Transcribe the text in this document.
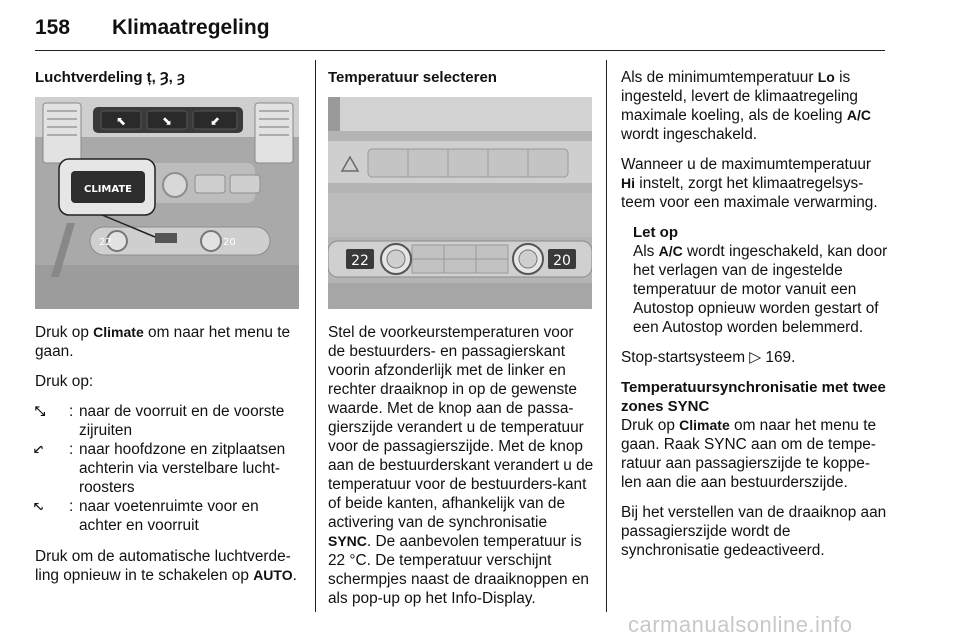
158 Klimaatregeling
Luchtverdeling ț, Ȝ, ȝ
⬉	⬊	⬋
22	20
CLIMATE

Druk op Climate om naar het menu te gaan.

Druk op:

⤢	:	naar de voorruit en de voorste zijruiten
⤣	:	naar hoofdzone en zitplaatsen achterin via verstelbare lucht-roosters
⤤	:	naar voetenruimte voor en achter en voorruit

Druk om de automatische luchtverde-ling opnieuw in te schakelen op AUTO.

Temperatuur selecteren
22	20

Stel de voorkeurstemperaturen voor de bestuurders- en passagierskant voorin afzonderlijk met de linker en rechter draaiknop in op de gewenste waarde. Met de knop aan de passa-gierszijde verandert u de temperatuur voor de passagierszijde. Met de knop aan de bestuurderskant verandert u de temperatuur voor de bestuurders-kant of beide kanten, afhankelijk van de activering van de synchronisatie SYNC. De aanbevolen temperatuur is 22 °C. De temperatuur verschijnt schermpjes naast de draaiknoppen en als pop-up op het Info-Display.

Als de minimumtemperatuur Lo is ingesteld, levert de klimaatregeling maximale koeling, als de koeling A/C wordt ingeschakeld.

Wanneer u de maximumtemperatuur Hi instelt, zorgt het klimaatregelsys-teem voor een maximale verwarming.

Let op
Als A/C wordt ingeschakeld, kan door het verlagen van de ingestelde temperatuur de motor vanuit een Autostop opnieuw worden gestart of een Autostop worden belemmerd.

Stop-startsysteem ▷ 169.

Temperatuursynchronisatie met twee zones SYNC

Druk op Climate om naar het menu te gaan. Raak SYNC aan om de tempe-ratuur aan passagierszijde te koppe-len aan die aan bestuurderszijde.

Bij het verstellen van de draaiknop aan passagierszijde wordt de synchronisatie gedeactiveerd.

carmanualsonline.info
